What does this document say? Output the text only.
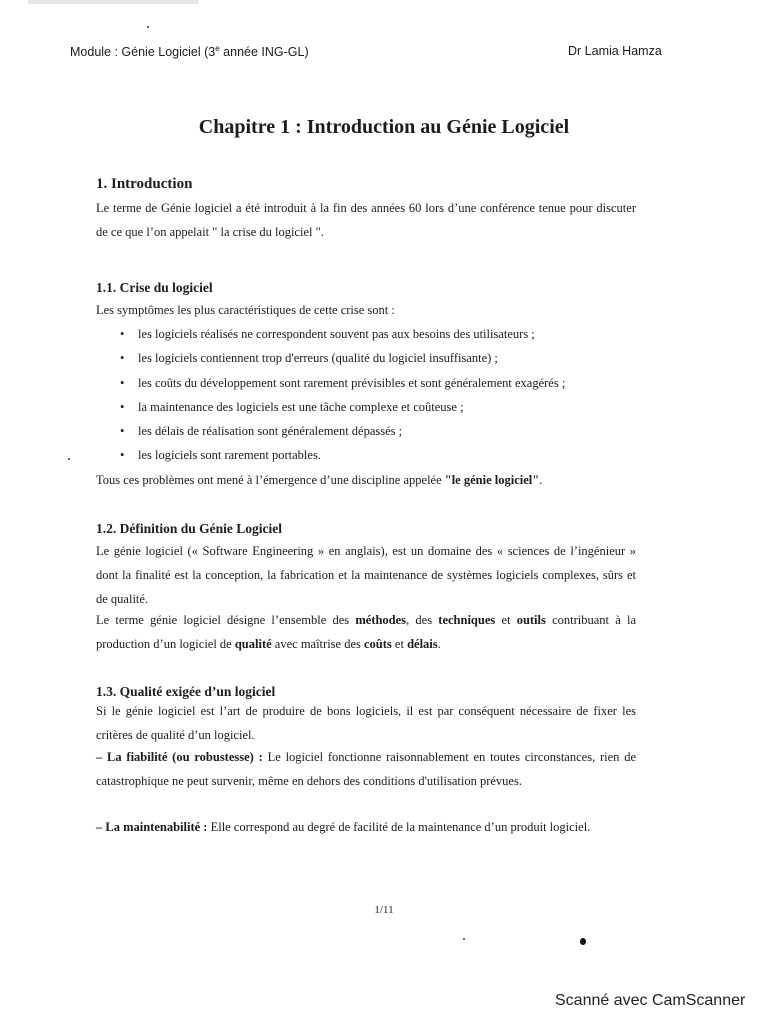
Module : Génie Logiciel (3e année ING-GL)	Dr Lamia Hamza
Chapitre 1 : Introduction au Génie Logiciel
1. Introduction
Le terme de Génie logiciel a été introduit à la fin des années 60 lors d’une conférence tenue pour discuter de ce que l’on appelait " la crise du logiciel ".
1.1. Crise du logiciel
Les symptômes les plus caractéristiques de cette crise sont :
• les logiciels réalisés ne correspondent souvent pas aux besoins des utilisateurs ;
• les logiciels contiennent trop d'erreurs (qualité du logiciel insuffisante) ;
• les coûts du développement sont rarement prévisibles et sont généralement exagérés ;
• la maintenance des logiciels est une tâche complexe et coûteuse ;
• les délais de réalisation sont généralement dépassés ;
• les logiciels sont rarement portables.
Tous ces problèmes ont mené à l’émergence d’une discipline appelée "le génie logiciel".
1.2. Définition du Génie Logiciel
Le génie logiciel (« Software Engineering » en anglais), est un domaine des « sciences de l’ingénieur » dont la finalité est la conception, la fabrication et la maintenance de systèmes logiciels complexes, sûrs et de qualité.
Le terme génie logiciel désigne l’ensemble des méthodes, des techniques et outils contribuant à la production d’un logiciel de qualité avec maîtrise des coûts et délais.
1.3. Qualité exigée d’un logiciel
Si le génie logiciel est l’art de produire de bons logiciels, il est par conséquent nécessaire de fixer les critères de qualité d’un logiciel.
– La fiabilité (ou robustesse) : Le logiciel fonctionne raisonnablement en toutes circonstances, rien de catastrophique ne peut survenir, même en dehors des conditions d'utilisation prévues.
– La maintenabilité : Elle correspond au degré de facilité de la maintenance d’un produit logiciel.
1/11
Scanné avec CamScanner
